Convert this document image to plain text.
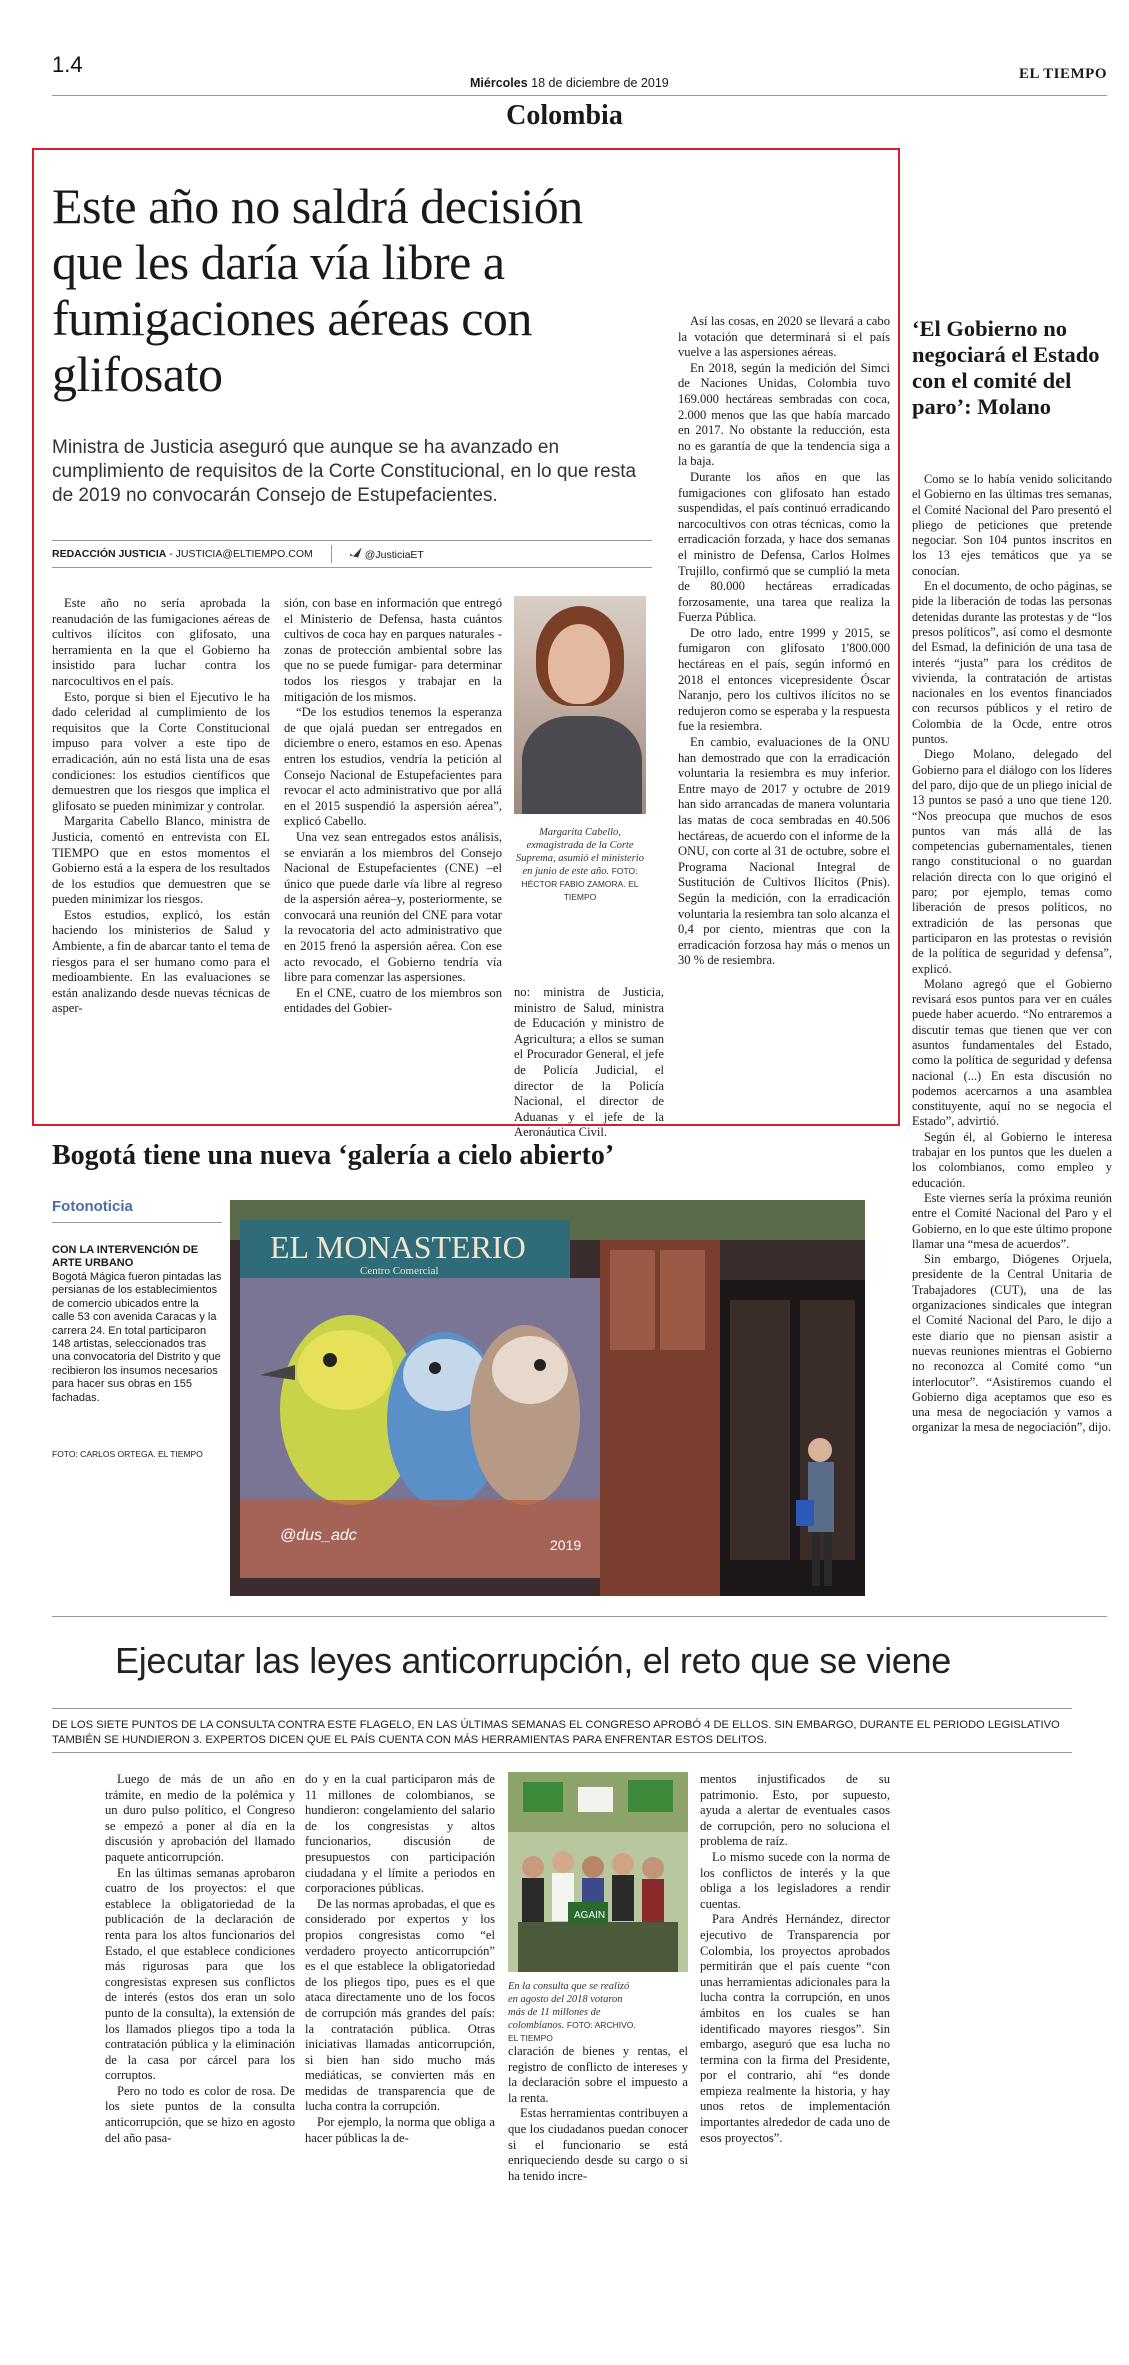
1.4
Miércoles 18 de diciembre de 2019
EL TIEMPO
Colombia
Este año no saldrá decisión que les daría vía libre a fumigaciones aéreas con glifosato
Ministra de Justicia aseguró que aunque se ha avanzado en cumplimiento de requisitos de la Corte Constitucional, en lo que resta de 2019 no convocarán Consejo de Estupefacientes.
REDACCIÓN JUSTICIA - JUSTICIA@ELTIEMPO.COM	@JusticiaET

Este año no sería aprobada la reanudación de las fumigaciones aéreas de cultivos ilícitos con glifosato, una herramienta en la que el Gobierno ha insistido para luchar contra los narcocultivos en el país.

Esto, porque si bien el Ejecutivo le ha dado celeridad al cumplimiento de los requisitos que la Corte Constitucional impuso para volver a este tipo de erradicación, aún no está lista una de esas condiciones: los estudios científicos que demuestren que los riesgos que implica el glifosato se pueden minimizar y controlar.

Margarita Cabello Blanco, ministra de Justicia, comentó en entrevista con EL TIEMPO que en estos momentos el Gobierno está a la espera de los resultados de los estudios que demuestren que se pueden minimizar los riesgos.

Estos estudios, explicó, los están haciendo los ministerios de Salud y Ambiente, a fin de abarcar tanto el tema de riesgos para el ser humano como para el medioambiente. En las evaluaciones se están analizando desde nuevas técnicas de asper-

sión, con base en información que entregó el Ministerio de Defensa, hasta cuántos cultivos de coca hay en parques naturales -zonas de protección ambiental sobre las que no se puede fumigar- para determinar todos los riesgos y trabajar en la mitigación de los mismos.

“De los estudios tenemos la esperanza de que ojalá puedan ser entregados en diciembre o enero, estamos en eso. Apenas entren los estudios, vendría la petición al Consejo Nacional de Estupefacientes para revocar el acto administrativo que por allá en el 2015 suspendió la aspersión aérea”, explicó Cabello.

Una vez sean entregados estos análisis, se enviarán a los miembros del Consejo Nacional de Estupefacientes (CNE) –el único que puede darle vía libre al regreso de la aspersión aérea–y, posteriormente, se convocará una reunión del CNE para votar la revocatoria del acto administrativo que en 2015 frenó la aspersión aérea. Con ese acto revocado, el Gobierno tendría vía libre para comenzar las aspersiones.

En el CNE, cuatro de los miembros son entidades del Gobier-

Margarita Cabello, exmagistrada de la Corte Suprema, asumió el ministerio en junio de este año. FOTO: HÉCTOR FABIO ZAMORA. EL TIEMPO

no: ministra de Justicia, ministro de Salud, ministra de Educación y ministro de Agricultura; a ellos se suman el Procurador General, el jefe de Policía Judicial, el director de la Policía Nacional, el director de Aduanas y el jefe de la Aeronáutica Civil.

Así las cosas, en 2020 se llevará a cabo la votación que determinará si el país vuelve a las aspersiones aéreas.

En 2018, según la medición del Simci de Naciones Unidas, Colombia tuvo 169.000 hectáreas sembradas con coca, 2.000 menos que las que había marcado en 2017. No obstante la reducción, esta no es garantía de que la tendencia siga a la baja.

Durante los años en que las fumigaciones con glifosato han estado suspendidas, el país continuó erradicando narcocultivos con otras técnicas, como la erradicación forzada, y hace dos semanas el ministro de Defensa, Carlos Holmes Trujillo, confirmó que se cumplió la meta de 80.000 hectáreas erradicadas forzosamente, una tarea que realiza la Fuerza Pública.

De otro lado, entre 1999 y 2015, se fumigaron con glifosato 1'800.000 hectáreas en el país, según informó en 2018 el entonces vicepresidente Óscar Naranjo, pero los cultivos ilícitos no se redujeron como se esperaba y la respuesta fue la resiembra.

En cambio, evaluaciones de la ONU han demostrado que con la erradicación voluntaria la resiembra es muy inferior. Entre mayo de 2017 y octubre de 2019 han sido arrancadas de manera voluntaria las matas de coca sembradas en 40.506 hectáreas, de acuerdo con el informe de la ONU, con corte al 31 de octubre, sobre el Programa Nacional Integral de Sustitución de Cultivos Ilícitos (Pnis). Según la medición, con la erradicación voluntaria la resiembra tan solo alcanza el 0,4 por ciento, mientras que con la erradicación forzosa hay más o menos un 30 % de resiembra.

‘El Gobierno no negociará el Estado con el comité del paro’: Molano

Como se lo había venido solicitando el Gobierno en las últimas tres semanas, el Comité Nacional del Paro presentó el pliego de peticiones que pretende negociar. Son 104 puntos inscritos en los 13 ejes temáticos que ya se conocían.

En el documento, de ocho páginas, se pide la liberación de todas las personas detenidas durante las protestas y de “los presos políticos”, así como el desmonte del Esmad, la definición de una tasa de interés “justa” para los créditos de vivienda, la contratación de artistas nacionales en los eventos financiados con recursos públicos y el retiro de Colombia de la Ocde, entre otros puntos.

Diego Molano, delegado del Gobierno para el diálogo con los líderes del paro, dijo que de un pliego inicial de 13 puntos se pasó a uno que tiene 120. “Nos preocupa que muchos de esos puntos van más allá de las competencias gubernamentales, tienen rango constitucional o no guardan relación directa con lo que originó el paro; por ejemplo, temas como liberación de presos políticos, no extradición de las personas que participaron en las protestas o revisión de la política de seguridad y defensa”, explicó.

Molano agregó que el Gobierno revisará esos puntos para ver en cuáles puede haber acuerdo. “No entraremos a discutir temas que tienen que ver con asuntos fundamentales del Estado, como la política de seguridad y defensa nacional (...) En esta discusión no podemos acercarnos a una asamblea constituyente, aquí no se negocia el Estado”, advirtió.

Según él, al Gobierno le interesa trabajar en los puntos que les duelen a los colombianos, como empleo y educación.

Este viernes sería la próxima reunión entre el Comité Nacional del Paro y el Gobierno, en lo que este último propone llamar una “mesa de acuerdos”.

Sin embargo, Diógenes Orjuela, presidente de la Central Unitaria de Trabajadores (CUT), una de las organizaciones sindicales que integran el Comité Nacional del Paro, le dijo a este diario que no piensan asistir a nuevas reuniones mientras el Gobierno no reconozca al Comité como “un interlocutor”. “Asistiremos cuando el Gobierno diga aceptamos que eso es una mesa de negociación y vamos a organizar la mesa de negociación”, dijo.

Bogotá tiene una nueva ‘galería a cielo abierto’
Fotonoticia
CON LA INTERVENCIÓN DE ARTE URBANO
Bogotá Mágica fueron pintadas las persianas de los establecimientos de comercio ubicados entre la calle 53 con avenida Caracas y la carrera 24. En total participaron 148 artistas, seleccionados tras una convocatoria del Distrito y que recibieron los insumos necesarios para hacer sus obras en 155 fachadas.
FOTO: CARLOS ORTEGA. EL TIEMPO
EL MONASTERIO
Centro Comercial
@dus_adc
2019
Ejecutar las leyes anticorrupción, el reto que se viene
DE LOS SIETE PUNTOS DE LA CONSULTA CONTRA ESTE FLAGELO, EN LAS ÚLTIMAS SEMANAS EL CONGRESO APROBÓ 4 DE ELLOS. SIN EMBARGO, DURANTE EL PERIODO LEGISLATIVO TAMBIÉN SE HUNDIERON 3. EXPERTOS DICEN QUE EL PAÍS CUENTA CON MÁS HERRAMIENTAS PARA ENFRENTAR ESTOS DELITOS.

Luego de más de un año en trámite, en medio de la polémica y un duro pulso político, el Congreso se empezó a poner al día en la discusión y aprobación del llamado paquete anticorrupción.

En las últimas semanas aprobaron cuatro de los proyectos: el que establece la obligatoriedad de la publicación de la declaración de renta para los altos funcionarios del Estado, el que establece condiciones más rigurosas para que los congresistas expresen sus conflictos de interés (estos dos eran un solo punto de la consulta), la extensión de los llamados pliegos tipo a toda la contratación pública y la eliminación de la casa por cárcel para los corruptos.

Pero no todo es color de rosa. De los siete puntos de la consulta anticorrupción, que se hizo en agosto del año pasa-

do y en la cual participaron más de 11 millones de colombianos, se hundieron: congelamiento del salario de los congresistas y altos funcionarios, discusión de presupuestos con participación ciudadana y el límite a periodos en corporaciones públicas.

De las normas aprobadas, el que es considerado por expertos y los propios congresistas como “el verdadero proyecto anticorrupción” es el que establece la obligatoriedad de los pliegos tipo, pues es el que ataca directamente uno de los focos de corrupción más grandes del país: la contratación pública. Otras iniciativas llamadas anticorrupción, si bien han sido mucho más mediáticas, se convierten más en medidas de transparencia que de lucha contra la corrupción.

Por ejemplo, la norma que obliga a hacer públicas la de-

AGAIN
En la consulta que se realizó en agosto del 2018 votaron más de 11 millones de colombianos. FOTO: ARCHIVO. EL TIEMPO

claración de bienes y rentas, el registro de conflicto de intereses y la declaración sobre el impuesto a la renta.

Estas herramientas contribuyen a que los ciudadanos puedan conocer si el funcionario se está enriqueciendo desde su cargo o si ha tenido incre-

mentos injustificados de su patrimonio. Esto, por supuesto, ayuda a alertar de eventuales casos de corrupción, pero no soluciona el problema de raíz.

Lo mismo sucede con la norma de los conflictos de interés y la que obliga a los legisladores a rendir cuentas.

Para Andrés Hernández, director ejecutivo de Transparencia por Colombia, los proyectos aprobados permitirán que el país cuente “con unas herramientas adicionales para la lucha contra la corrupción, en unos ámbitos en los cuales se han identificado mayores riesgos”. Sin embargo, aseguró que esa lucha no termina con la firma del Presidente, por el contrario, ahí “es donde empieza realmente la historia, y hay unos retos de implementación importantes alrededor de cada uno de esos proyectos”.
